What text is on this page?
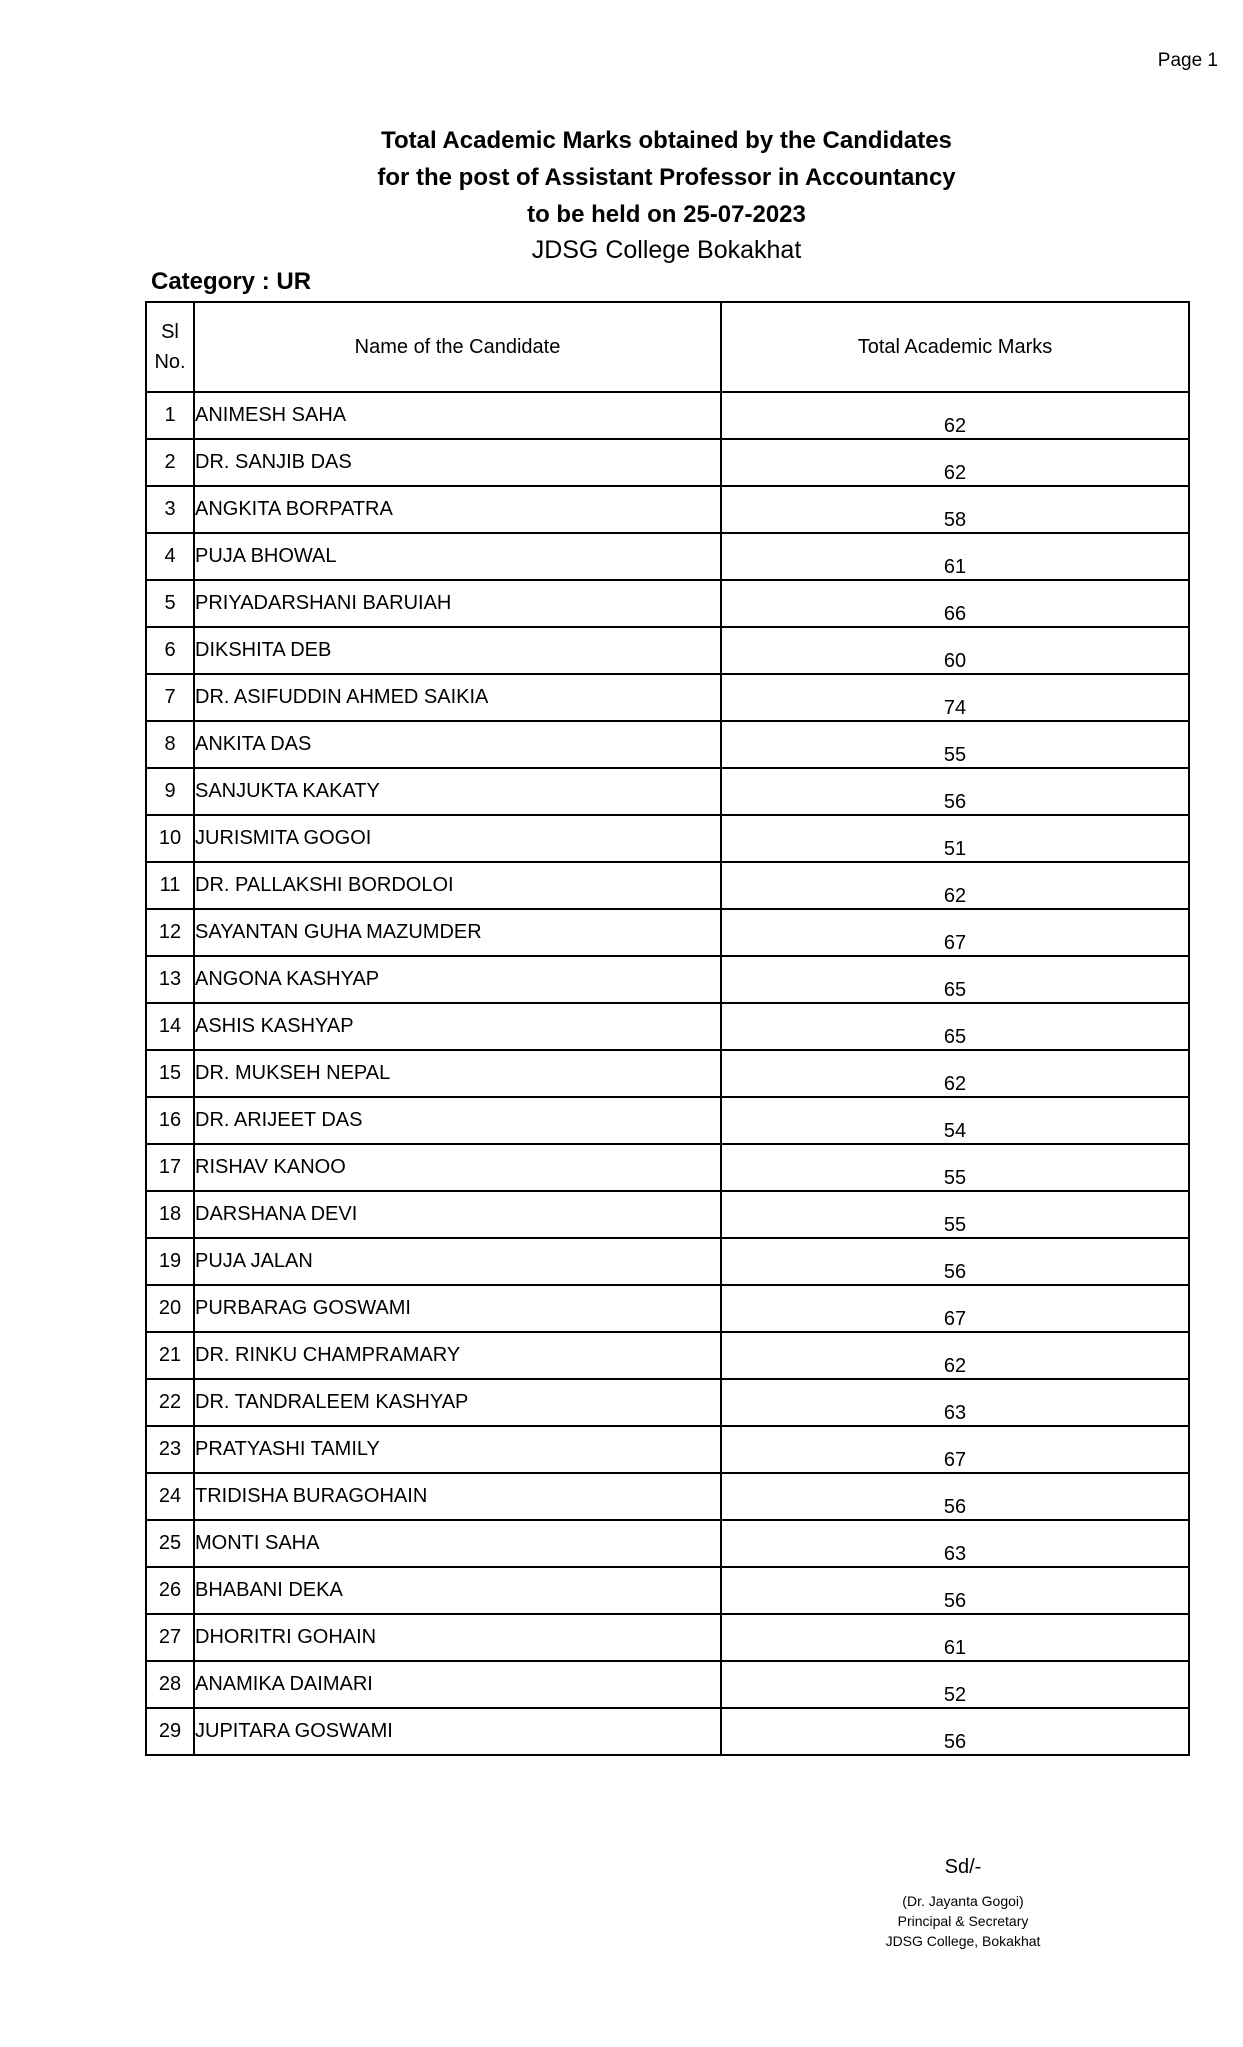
Page 1
Total Academic Marks obtained by the Candidates
for the post of Assistant Professor in Accountancy
to be held on 25-07-2023
JDSG College Bokakhat
Category : UR
Sl No.	Name of the Candidate	Total Academic Marks
1	ANIMESH SAHA	62
2	DR. SANJIB DAS	62
3	ANGKITA BORPATRA	58
4	PUJA BHOWAL	61
5	PRIYADARSHANI BARUIAH	66
6	DIKSHITA DEB	60
7	DR. ASIFUDDIN AHMED SAIKIA	74
8	ANKITA DAS	55
9	SANJUKTA KAKATY	56
10	JURISMITA GOGOI	51
11	DR. PALLAKSHI BORDOLOI	62
12	SAYANTAN GUHA MAZUMDER	67
13	ANGONA KASHYAP	65
14	ASHIS KASHYAP	65
15	DR. MUKSEH NEPAL	62
16	DR. ARIJEET DAS	54
17	RISHAV KANOO	55
18	DARSHANA DEVI	55
19	PUJA JALAN	56
20	PURBARAG GOSWAMI	67
21	DR. RINKU CHAMPRAMARY	62
22	DR. TANDRALEEM KASHYAP	63
23	PRATYASHI TAMILY	67
24	TRIDISHA BURAGOHAIN	56
25	MONTI SAHA	63
26	BHABANI DEKA	56
27	DHORITRI GOHAIN	61
28	ANAMIKA DAIMARI	52
29	JUPITARA GOSWAMI	56
Sd/-
(Dr. Jayanta Gogoi)
Principal & Secretary
JDSG College, Bokakhat
